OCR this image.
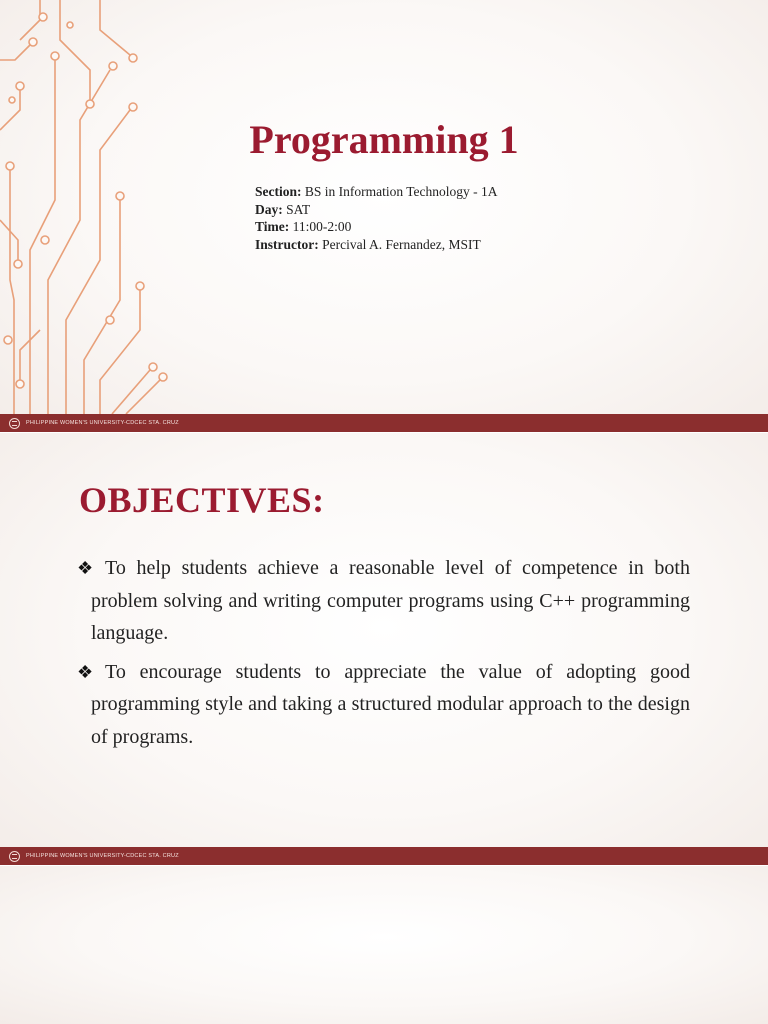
Programming 1
Section: BS in Information Technology - 1A
Day: SAT
Time: 11:00-2:00
Instructor: Percival A. Fernandez, MSIT
PHILIPPINE WOMEN'S UNIVERSITY-CDCEC STA. CRUZ
OBJECTIVES:
❖ To help students achieve a reasonable level of competence in both problem solving and writing computer programs using C++ programming language.
❖ To encourage students to appreciate the value of adopting good programming style and taking a structured modular approach to the design of programs.
PHILIPPINE WOMEN'S UNIVERSITY-CDCEC STA. CRUZ
